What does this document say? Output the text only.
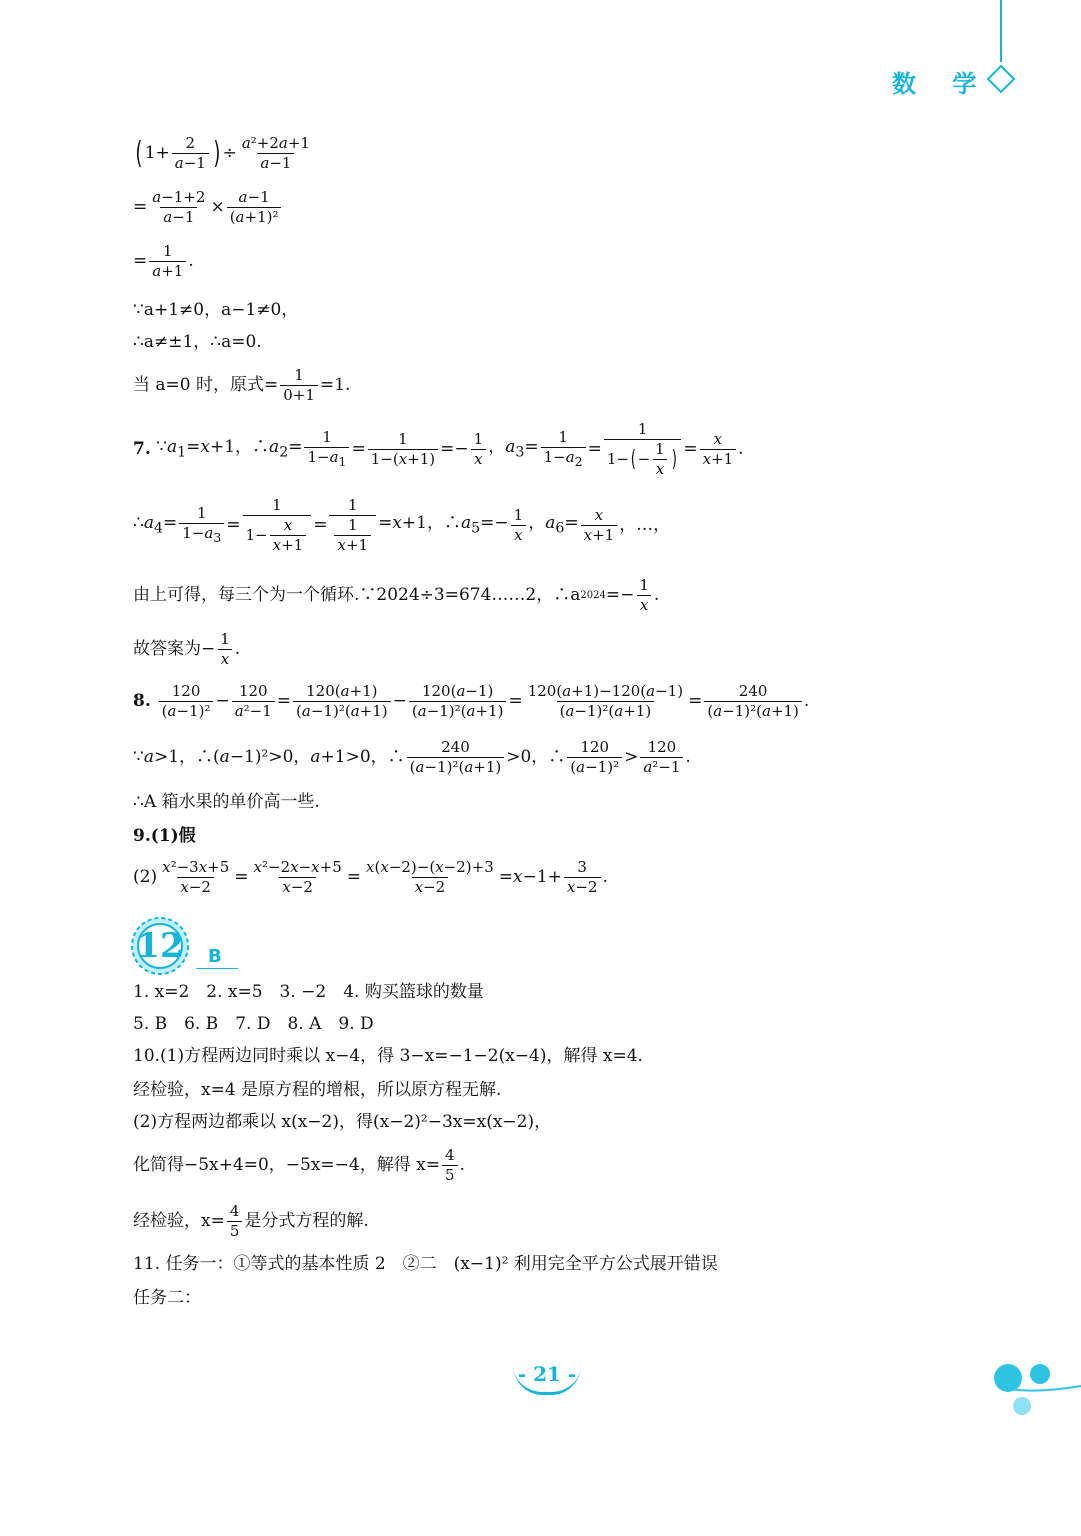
数 学
( $1+ \frac{2}{a-1}$ ) ÷ $\frac{\text{a²+2a+1}}{a-1}$
= $\frac{a-1+2}{a-1} \times \frac{a-1}{\text{(a+1)²}}$
= $\frac{1}{a+1}$ .
∵a+1≠0，a−1≠0，
∴a≠±1，∴a=0.
当 a=0 时，原式= $\frac{1}{0+1} =1$.
7. $\because a_1=x+1$，$\therefore a_2= \frac{1}{1-a_1} = \frac{1}{1-(x+1)} =- \frac{1}{x}$ ，$a_3= \frac{1}{1-a_2} = 1$
1− ( −
1
x ) = $\frac{x}{x+1}$ .
$\therefore a_4= \frac{1}{1-a_3} = 1$
1−
x
$x+1 = \frac{1}{\frac{1}{x+1}} =x+1$，$\therefore a_5=- \frac{1}{x}$ ，$a_6= \frac{x}{x+1}$ ，…，
由上可得，每三个为一个循环.∵2024÷3=674……2，∴a $2024 =- \frac{1}{x}$ .
故答案为− $\frac{1}{x}$ .
8. 120
$(a-1)^2 - \frac{120}{\text{a²−1}} = \frac{120(a+1)}{\text{(a−1)²(a+1)}} - \frac{120(a-1)}{\text{(a−1)²(a+1)}} = \frac{120(a+1)-120(a-1)}{\text{(a−1)²(a+1)}} = \frac{240}{\text{(a−1)²(a+1)}}$ .
∵a>1，∴(a−1)²>0，a+1>0，∴ 240
(a−1)²(a+1) >0，∴ 120
(a−1)² > 120
a²−1 .
∴A 箱水果的单价高一些.
9.(1)假
$(2) \frac{\text{x²−3x+5}}{x-2} = \frac{\text{x²−2x−x+5}}{x-2} = \frac{x(x-2)-(x-2)+3}{x-2} =x-1+ \frac{3}{x-2}$ .
12	B
1. x=2　2. x=5　3. −2　4. 购买篮球的数量
5. B　6. B　7. D　8. A　9. D
10.(1)方程两边同时乘以 x−4，得 3−x=−1−2(x−4)，解得 x=4.
经检验，x=4 是原方程的增根，所以原方程无解.
(2)方程两边都乘以 x(x−2)，得(x−2)²−3x=x(x−2)，
化简得−5x+4=0，−5x=−4，解得 $x= \frac{4}{5}$ .
经检验，$x= \frac{4}{5}$ 是分式方程的解.
11. 任务一：①等式的基本性质 2　②二　(x−1)² 利用完全平方公式展开错误
任务二：
- 21 -
